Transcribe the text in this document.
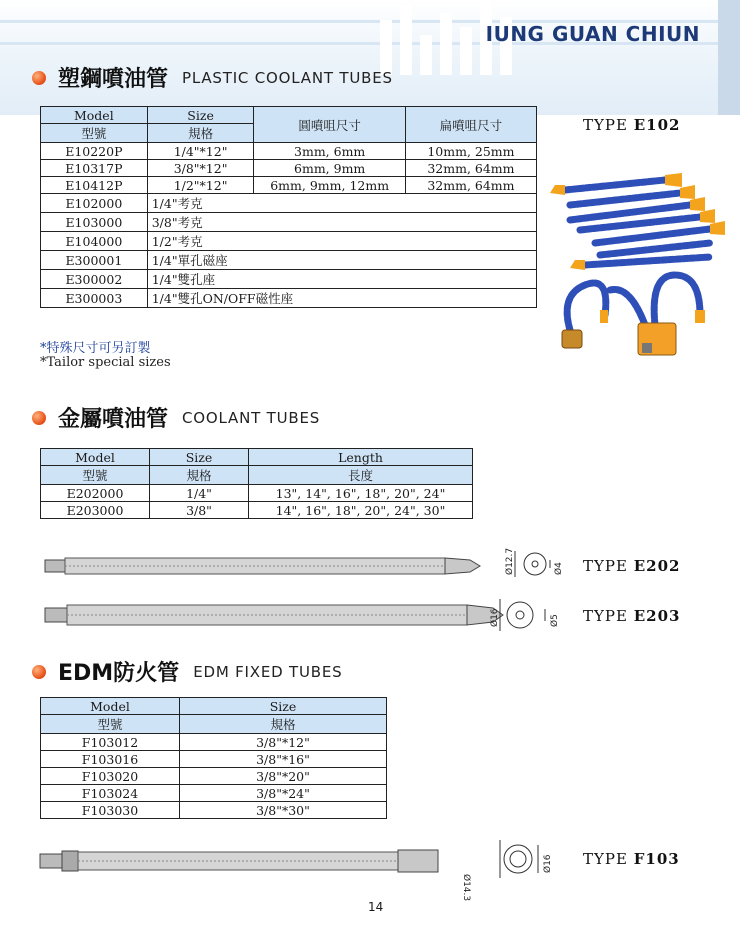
IUNG GUAN CHIUN
塑鋼噴油管 PLASTIC COOLANT TUBES
Model	Size	圓噴咀尺寸	扁噴咀尺寸
型號	規格		
E10220P	1/4"*12"	3mm, 6mm	10mm, 25mm
E10317P	3/8"*12"	6mm, 9mm	32mm, 64mm
E10412P	1/2"*12"	6mm, 9mm, 12mm	32mm, 64mm
E102000	1/4"考克		
E103000	3/8"考克		
E104000	1/2"考克		
E300001	1/4"單孔磁座		
E300002	1/4"雙孔座		
E300003	1/4"雙孔ON/OFF磁性座		
*特殊尺寸可另訂製
*Tailor special sizes
TYPE E102
金屬噴油管 COOLANT TUBES
Model	Size	Length
型號	規格	長度
E202000	1/4"	13", 14", 16", 18", 20", 24"
E203000	3/8"	14", 16", 18", 20", 24", 30"
Ø12.7	Ø4 TYPE E202
Ø16	Ø5 TYPE E203
EDM防火管 EDM FIXED TUBES
Model	Size
型號	規格
F103012	3/8"*12"
F103016	3/8"*16"
F103020	3/8"*20"
F103024	3/8"*24"
F103030	3/8"*30"
Ø14.3
Ø16 TYPE F103
14
